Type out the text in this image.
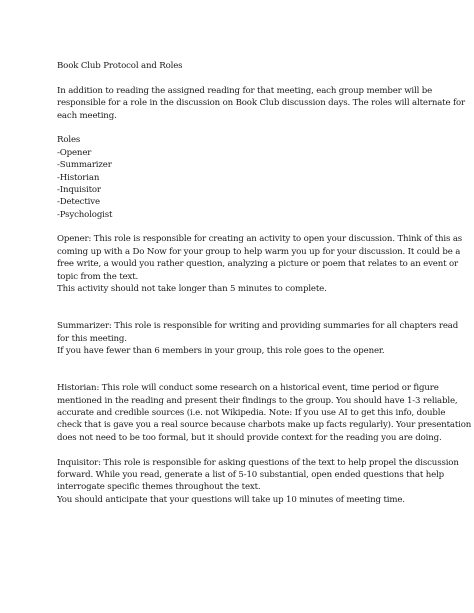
Book Club Protocol and Roles
In addition to reading the assigned reading for that meeting, each group member will be
responsible for a role in the discussion on Book Club discussion days. The roles will alternate for
each meeting.
Roles
-Opener
-Summarizer
-Historian
-Inquisitor
-Detective
-Psychologist
Opener: This role is responsible for creating an activity to open your discussion. Think of this as
coming up with a Do Now for your group to help warm you up for your discussion. It could be a
free write, a would you rather question, analyzing a picture or poem that relates to an event or
topic from the text.
This activity should not take longer than 5 minutes to complete.
Summarizer: This role is responsible for writing and providing summaries for all chapters read
for this meeting.
If you have fewer than 6 members in your group, this role goes to the opener.
Historian: This role will conduct some research on a historical event, time period or figure
mentioned in the reading and present their findings to the group. You should have 1-3 reliable,
accurate and credible sources (i.e. not Wikipedia. Note: If you use AI to get this info, double
check that is gave you a real source because charbots make up facts regularly). Your presentation
does not need to be too formal, but it should provide context for the reading you are doing.
Inquisitor: This role is responsible for asking questions of the text to help propel the discussion
forward. While you read, generate a list of 5-10 substantial, open ended questions that help
interrogate specific themes throughout the text.
You should anticipate that your questions will take up 10 minutes of meeting time.
